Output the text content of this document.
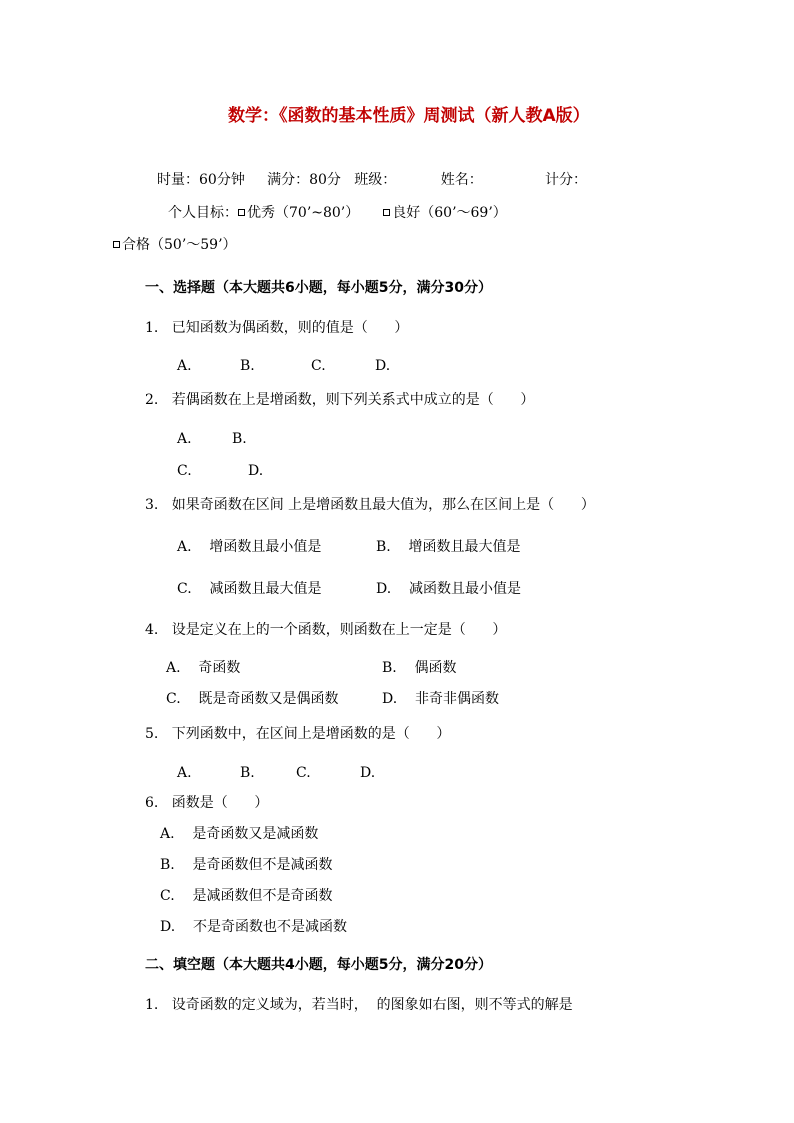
数学：《函数的基本性质》周测试（新人教A版）
时量：60分钟     满分：80分   班级：          姓名：              计分：
个人目标： 优秀（70’~80’） 良好（60’～69’）
合格（50’～59’）
一、选择题（本大题共6小题，每小题5分，满分30分）
1.   已知函数为偶函数，则的值是（      ）
A.	B.	C.	D.
2.   若偶函数在上是增函数，则下列关系式中成立的是（      ）
A.	B.
C.	D.
3.   如果奇函数在区间 上是增函数且最大值为，那么在区间上是（      ）
A.    增函数且最小值是	B.    增函数且最大值是
C.    减函数且最大值是	D.    减函数且最小值是
4.   设是定义在上的一个函数，则函数在上一定是（      ）
A.    奇函数	B.    偶函数
C.    既是奇函数又是偶函数	D.    非奇非偶函数
5.   下列函数中，在区间上是增函数的是（      ）
A.	B.	C.	D.
6.   函数是（      ）
A.    是奇函数又是减函数
B.    是奇函数但不是减函数
C.    是减函数但不是奇函数
D.    不是奇函数也不是减函数
二、填空题（本大题共4小题，每小题5分，满分20分）
1.   设奇函数的定义域为，若当时，  的图象如右图，则不等式的解是
